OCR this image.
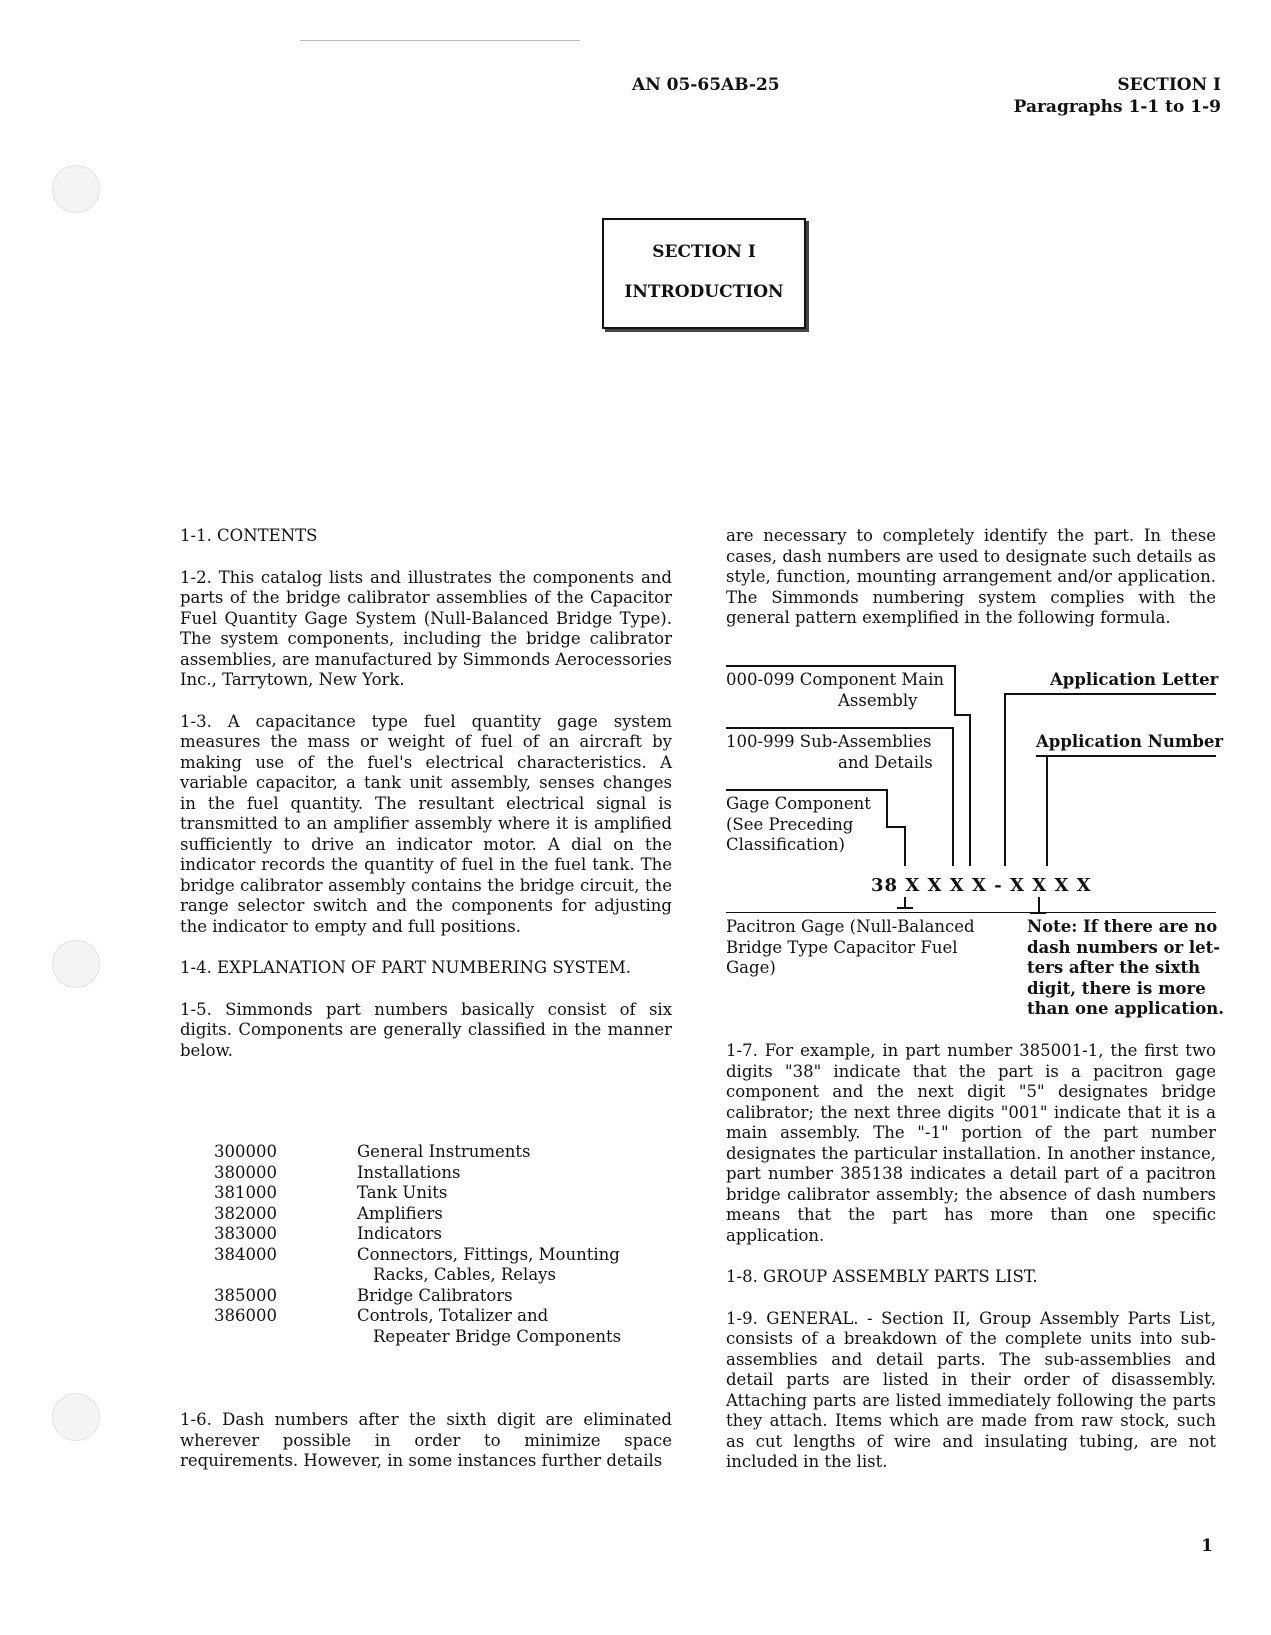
AN 05-65AB-25	SECTION I
Paragraphs 1-1 to 1-9
SECTION I
INTRODUCTION

1-1. CONTENTS

1-2. This catalog lists and illustrates the components and parts of the bridge calibrator assemblies of the Capacitor Fuel Quantity Gage System (Null-Balanced Bridge Type). The system components, including the bridge calibrator assemblies, are manufactured by Simmonds Aerocessories Inc., Tarrytown, New York.

1-3. A capacitance type fuel quantity gage system measures the mass or weight of fuel of an aircraft by making use of the fuel's electrical characteristics. A variable capacitor, a tank unit assembly, senses changes in the fuel quantity. The resultant electrical signal is transmitted to an amplifier assembly where it is amplified sufficiently to drive an indicator motor. A dial on the indicator records the quantity of fuel in the fuel tank. The bridge calibrator assembly contains the bridge circuit, the range selector switch and the components for adjusting the indicator to empty and full positions.

1-4. EXPLANATION OF PART NUMBERING SYSTEM.

1-5. Simmonds part numbers basically consist of six digits. Components are generally classified in the manner below.

300000	General Instruments
380000	Installations
381000	Tank Units
382000	Amplifiers
383000	Indicators
384000	Connectors, Fittings, Mounting
Racks, Cables, Relays

385000	Bridge Calibrators
386000	Controls, Totalizer and
Repeater Bridge Components
1-6. Dash numbers after the sixth digit are eliminated wherever possible in order to minimize space requirements. However, in some instances further details
are necessary to completely identify the part. In these cases, dash numbers are used to designate such details as style, function, mounting arrangement and/or application. The Simmonds numbering system complies with the general pattern exemplified in the following formula.
000-099 Component Main
Assembly
100-999 Sub-Assemblies
and Details
Gage Component
(See Preceding
Classification)
Application Letter
Application Number
38 X X X X - X X X X
Pacitron Gage (Null-Balanced
Bridge Type Capacitor Fuel
Gage)
Note: If there are no
dash numbers or let-
ters after the sixth
digit, there is more
than one application.

1-7. For example, in part number 385001-1, the first two digits "38" indicate that the part is a pacitron gage component and the next digit "5" designates bridge calibrator; the next three digits "001" indicate that it is a main assembly. The "-1" portion of the part number designates the particular installation. In another instance, part number 385138 indicates a detail part of a pacitron bridge calibrator assembly; the absence of dash numbers means that the part has more than one specific application.

1-8. GROUP ASSEMBLY PARTS LIST.

1-9. GENERAL. - Section II, Group Assembly Parts List, consists of a breakdown of the complete units into sub-assemblies and detail parts. The sub-assemblies and detail parts are listed in their order of disassembly. Attaching parts are listed immediately following the parts they attach. Items which are made from raw stock, such as cut lengths of wire and insulating tubing, are not included in the list.

1
